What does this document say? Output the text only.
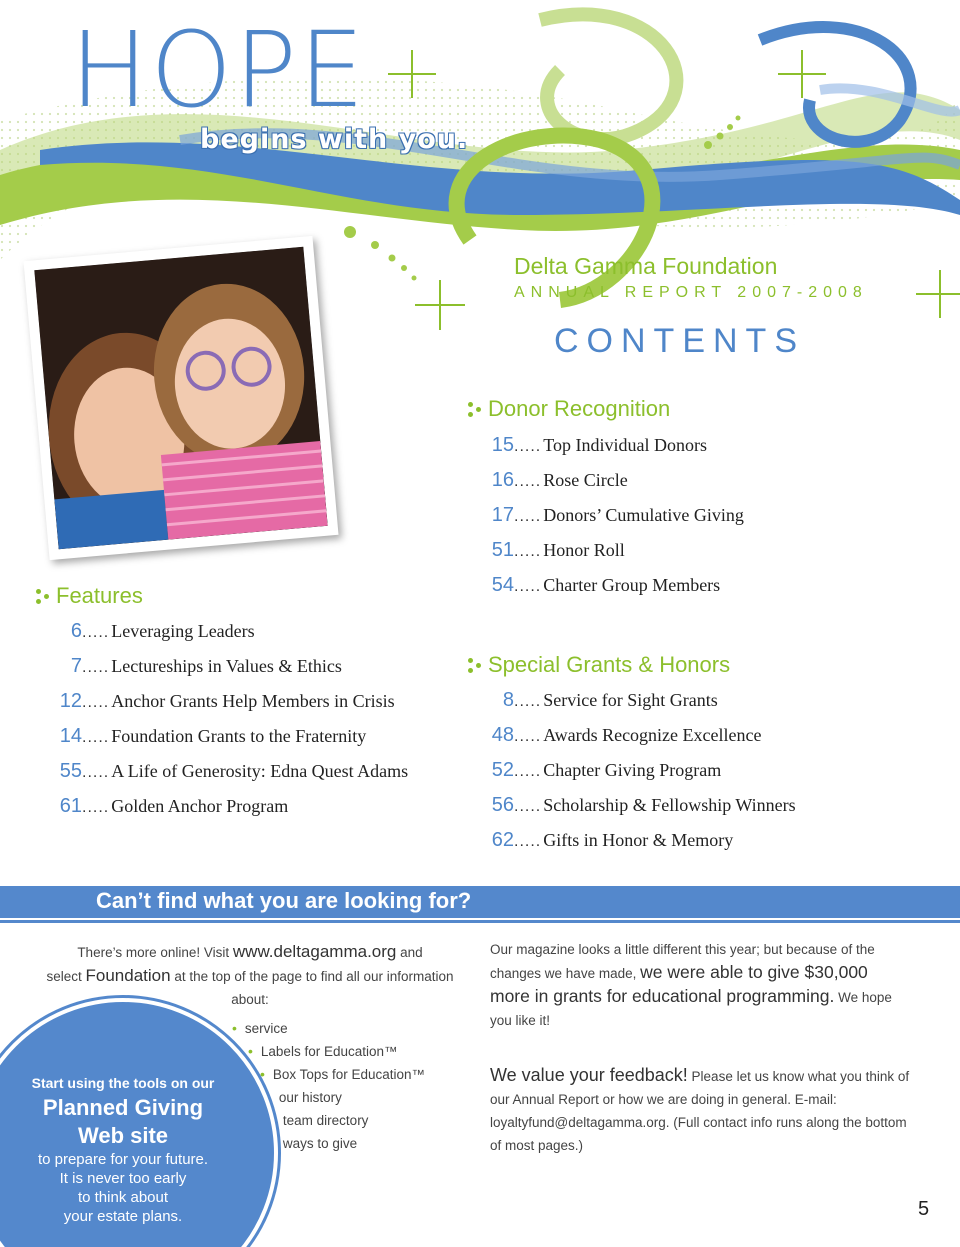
HOPE
begins with you.
Delta Gamma Foundation
ANNUAL REPORT 2007-2008
CONTENTS
Features
6 ..... Leveraging Leaders
7 ..... Lectureships in Values & Ethics
12 ..... Anchor Grants Help Members in Crisis
14 ..... Foundation Grants to the Fraternity
55 ..... A Life of Generosity: Edna Quest Adams
61 ..... Golden Anchor Program
Donor Recognition
15 ..... Top Individual Donors
16 ..... Rose Circle
17 ..... Donors’ Cumulative Giving
51 ..... Honor Roll
54 ..... Charter Group Members
Special Grants & Honors
8 ..... Service for Sight Grants
48 ..... Awards Recognize Excellence
52 ..... Chapter Giving Program
56 ..... Scholarship & Fellowship Winners
62 ..... Gifts in Honor & Memory
Can’t find what you are looking for?
There’s more online! Visit www.deltagamma.org and
select Foundation at the top of the page to find all our information about:
• service
• Labels for Education™
• Box Tops for Education™
• our history
• team directory
• ways to give
Start using the tools on our
Planned Giving
Web site
to prepare for your future.
It is never too early
to think about
your estate plans.
Our magazine looks a little different this year; but because of the changes we have made, we were able to give $30,000 more in grants for educational programming. We hope you like it!
We value your feedback! Please let us know what you think of our Annual Report or how we are doing in general. E-mail: loyaltyfund@deltagamma.org. (Full contact info runs along the bottom of most pages.)
5
